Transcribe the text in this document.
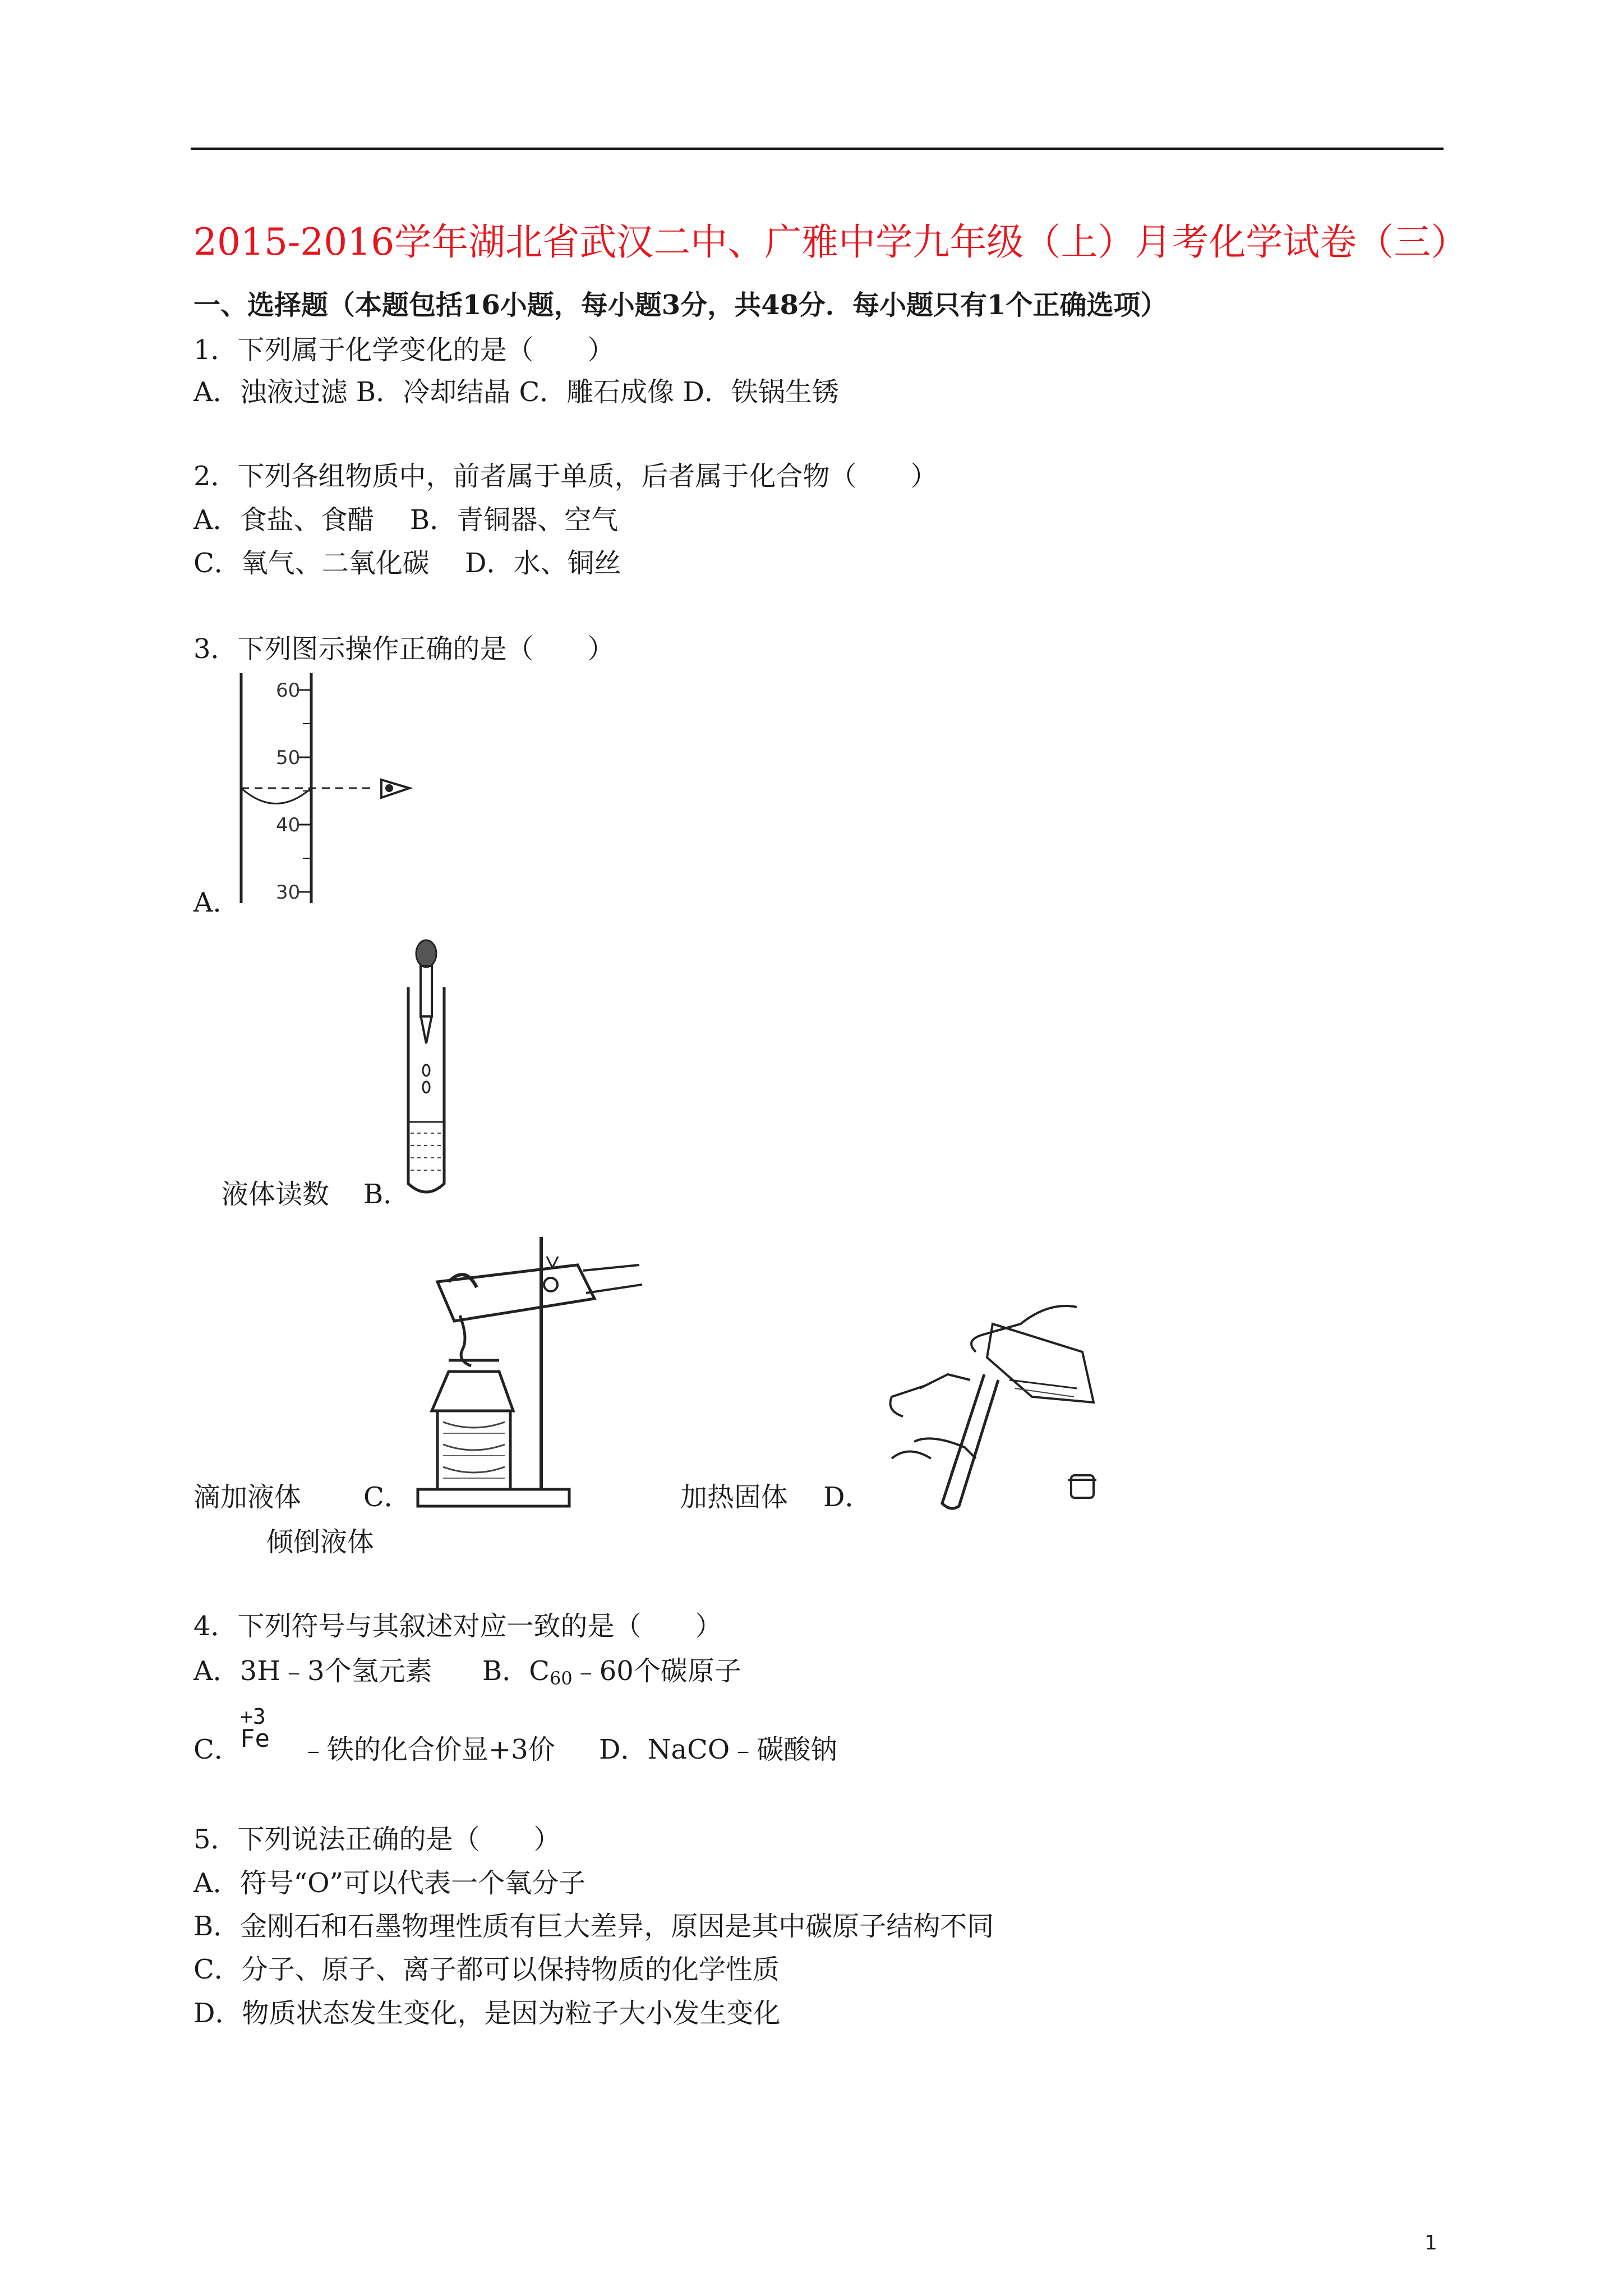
2015-2016学年湖北省武汉二中、广雅中学九年级（上）月考化学试卷（三）
一、选择题（本题包括16小题，每小题3分，共48分．每小题只有1个正确选项）
1．下列属于化学变化的是（　　）
A．浊液过滤 B．冷却结晶 C．雕石成像 D．铁锅生锈
2．下列各组物质中，前者属于单质，后者属于化合物（　　）
A．食盐、食醋　 B．青铜器、空气
C．氧气、二氧化碳　 D．水、铜丝
3．下列图示操作正确的是（　　）
60
50
40
30
A．
液体读数 B．
滴加液体 C．	加热固体 D．
倾倒液体
4．下列符号与其叙述对应一致的是（　　）
A．3H﹣3个氢元素 B．$C_{60}﹣60$个碳原子
C．
+3
Fe ﹣铁的化合价显+3价 D．NaCO﹣碳酸钠
5．下列说法正确的是（　　）
A．符号“O”可以代表一个氧分子
B．金刚石和石墨物理性质有巨大差异，原因是其中碳原子结构不同
C．分子、原子、离子都可以保持物质的化学性质
D．物质状态发生变化，是因为粒子大小发生变化
1
